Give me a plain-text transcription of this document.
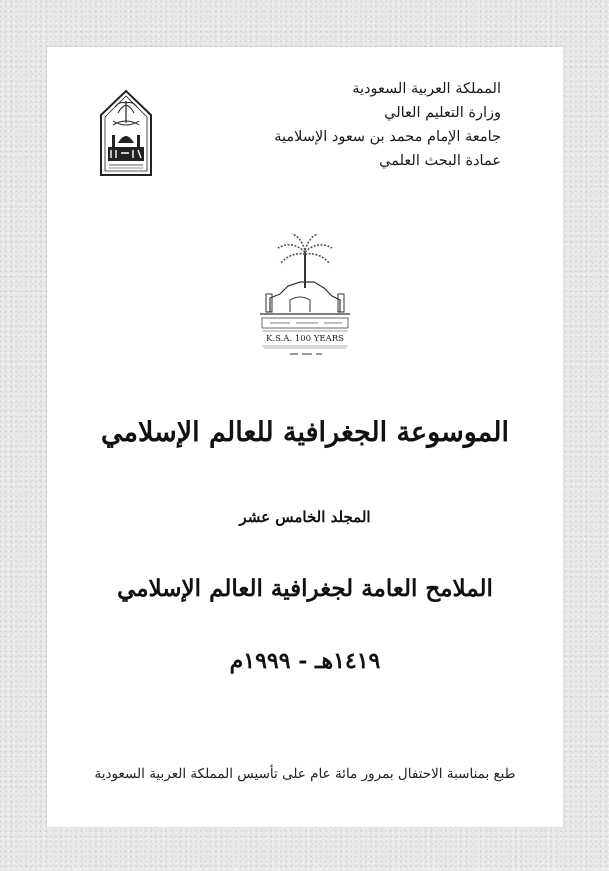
المملكة العربية السعودية
وزارة التعليم العالي
جامعة الإمام محمد بن سعود الإسلامية
عمادة البحث العلمي
K.S.A. 100 YEARS
الموسوعة الجغرافية للعالم الإسلامي
المجلد الخامس عشر
الملامح العامة لجغرافية العالم الإسلامي
١٤١٩هـ - ١٩٩٩م
طبع بمناسبة الاحتفال بمرور مائة عام على تأسيس المملكة العربية السعودية
